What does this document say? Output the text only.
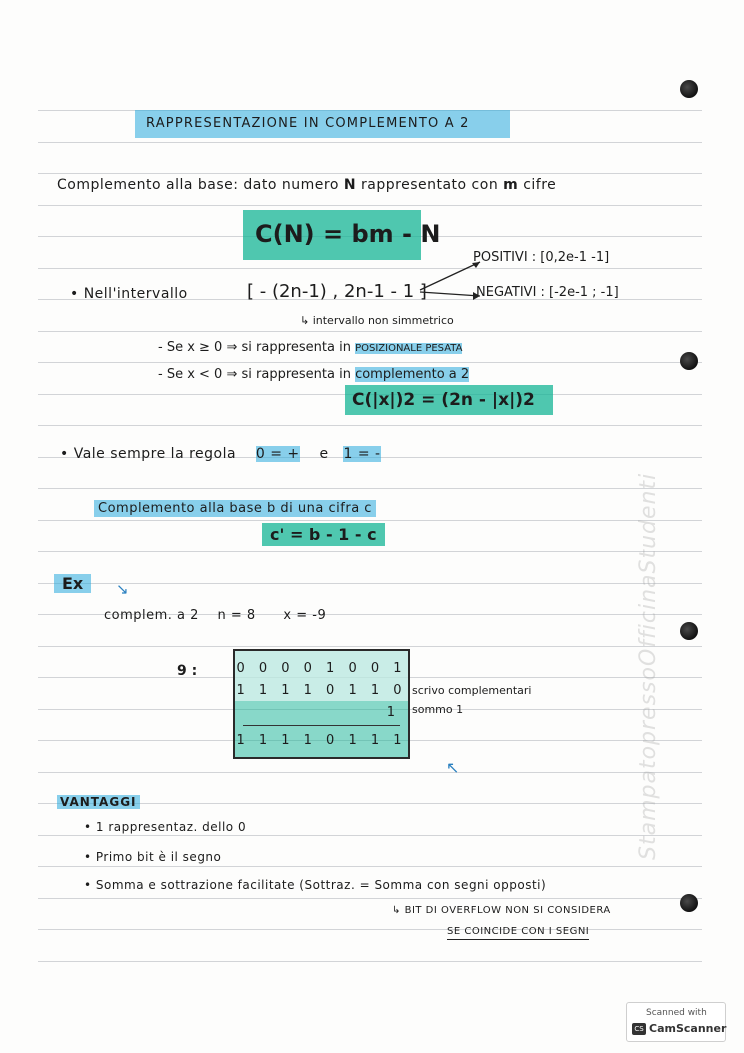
StampatopressoOfficinaStudenti
RAPPRESENTAZIONE IN COMPLEMENTO A 2
Complemento alla base: dato numero N rappresentato con m cifre
C(N) = bm - N
• Nell'intervallo	[ - (2n-1) , 2n-1 - 1 ]
POSITIVI : [0,2e-1 -1]
NEGATIVI : [-2e-1 ; -1]
↳ intervallo non simmetrico
- Se x ≥ 0 ⇒ si rappresenta in POSIZIONALE PESATA
- Se x < 0 ⇒ si rappresenta in complemento a 2
C(|x|)2 = (2n - |x|)2
• Vale sempre la regola 0 = + e 1 = -
Complemento alla base b di una cifra c
c' = b - 1 - c
Ex	↘
complem. a 2    n = 8      x = -9
9 :	0 0 0 0 1 0 0 1
1 1 1 1 0 1 1 0
1
1 1 1 1 0 1 1 1
scrivo complementari
sommo 1
↖
VANTAGGI
• 1 rappresentaz. dello 0
• Primo bit è il segno
• Somma e sottrazione facilitate (Sottraz. = Somma con segni opposti)
↳ BIT DI OVERFLOW NON SI CONSIDERA
SE COINCIDE CON I SEGNI
Scanned with
CS CamScanner
